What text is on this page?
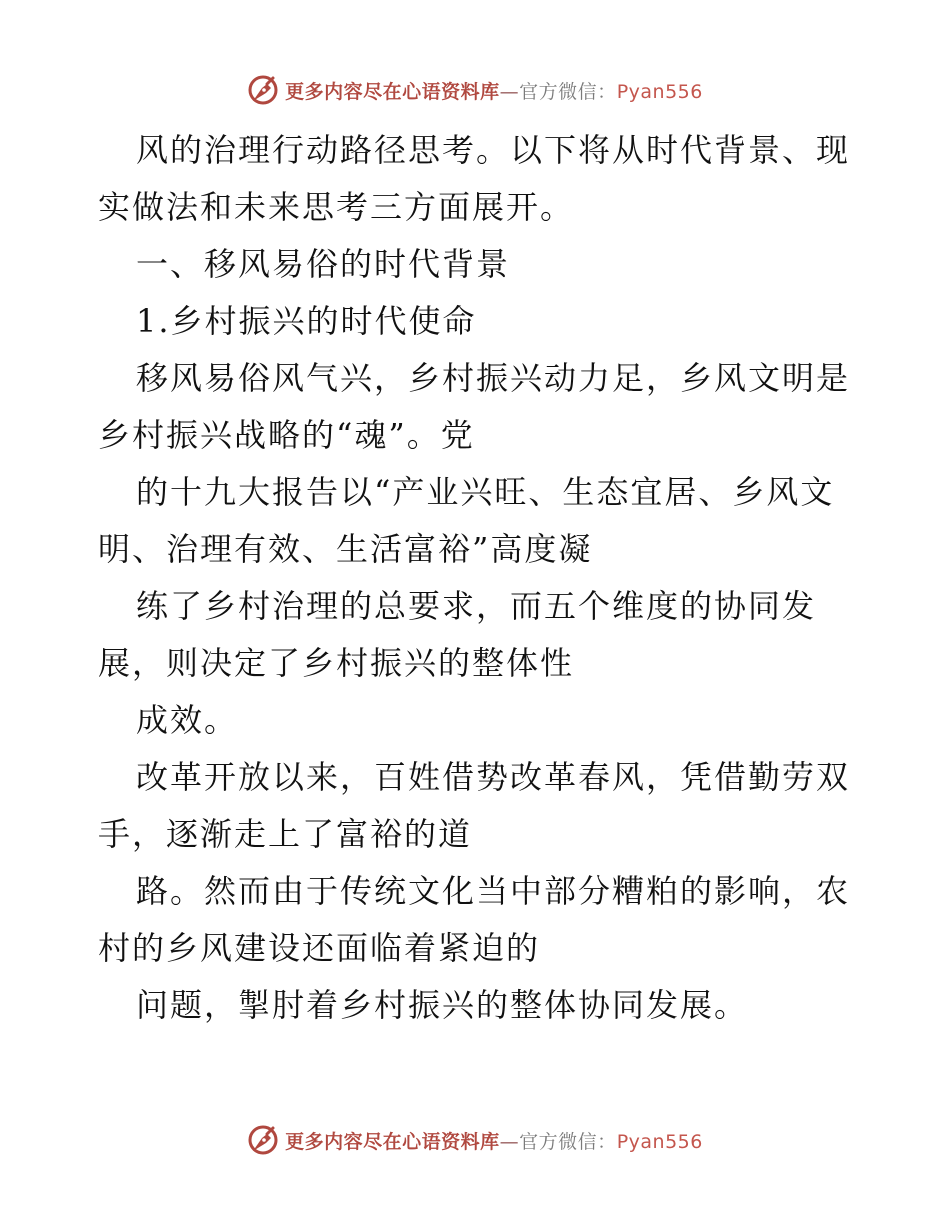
更多内容尽在心语资料库—官方微信：Pyan556
风的治理行动路径思考。以下将从时代背景、现
实做法和未来思考三方面展开。
一、移风易俗的时代背景
1.乡村振兴的时代使命
移风易俗风气兴，乡村振兴动力足，乡风文明是
乡村振兴战略的“魂”。党
的十九大报告以“产业兴旺、生态宜居、乡风文
明、治理有效、生活富裕”高度凝
练了乡村治理的总要求，而五个维度的协同发
展，则决定了乡村振兴的整体性
成效。
改革开放以来，百姓借势改革春风，凭借勤劳双
手，逐渐走上了富裕的道
路。然而由于传统文化当中部分糟粕的影响，农
村的乡风建设还面临着紧迫的
问题，掣肘着乡村振兴的整体协同发展。
更多内容尽在心语资料库—官方微信：Pyan556
